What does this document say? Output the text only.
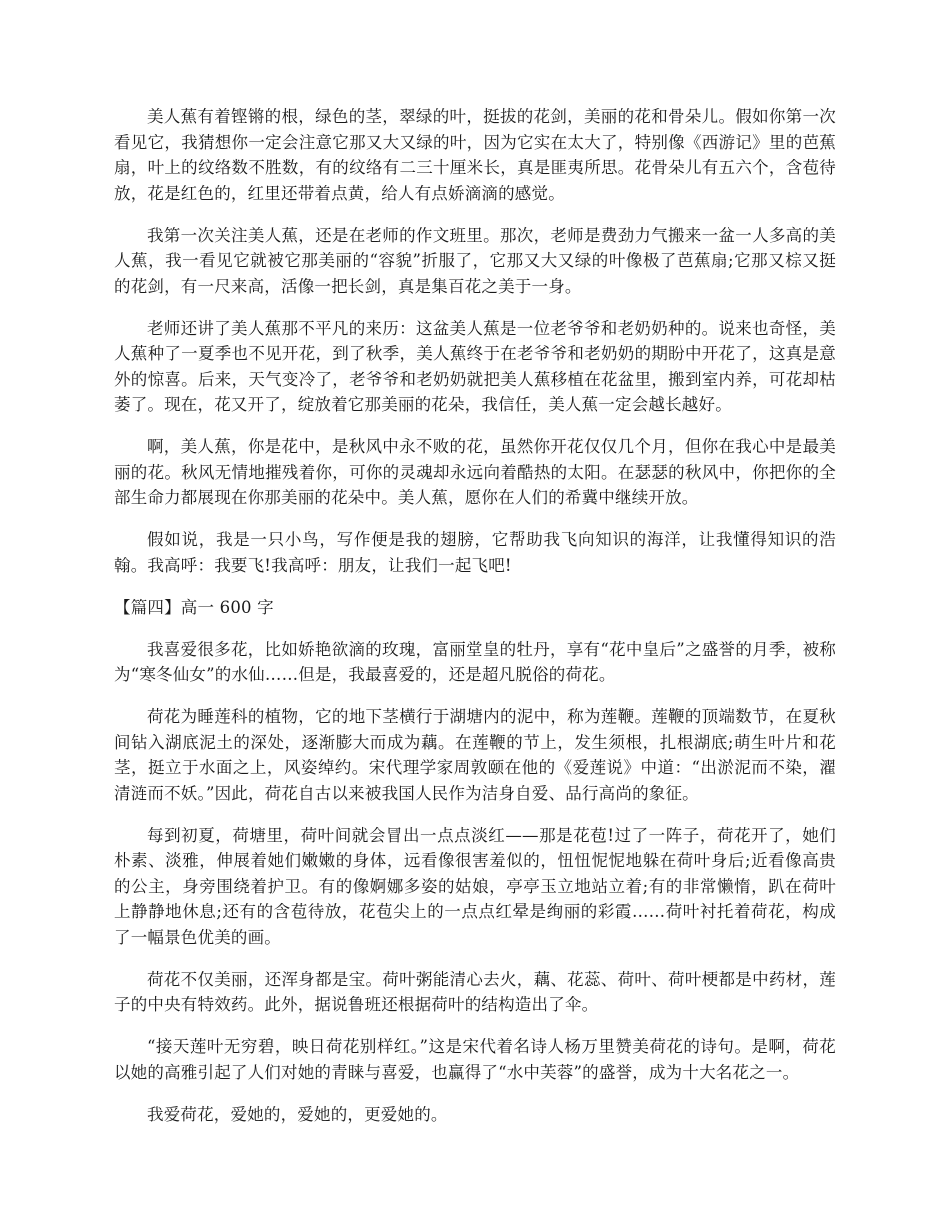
美人蕉有着铿锵的根，绿色的茎，翠绿的叶，挺拔的花剑，美丽的花和骨朵儿。假如你第一次看见它，我猜想你一定会注意它那又大又绿的叶，因为它实在太大了，特别像《西游记》里的芭蕉扇，叶上的纹络数不胜数，有的纹络有二三十厘米长，真是匪夷所思。花骨朵儿有五六个，含苞待放，花是红色的，红里还带着点黄，给人有点娇滴滴的感觉。

我第一次关注美人蕉，还是在老师的作文班里。那次，老师是费劲力气搬来一盆一人多高的美人蕉，我一看见它就被它那美丽的“容貌”折服了，它那又大又绿的叶像极了芭蕉扇;它那又棕又挺的花剑，有一尺来高，活像一把长剑，真是集百花之美于一身。

老师还讲了美人蕉那不平凡的来历：这盆美人蕉是一位老爷爷和老奶奶种的。说来也奇怪，美人蕉种了一夏季也不见开花，到了秋季，美人蕉终于在老爷爷和老奶奶的期盼中开花了，这真是意外的惊喜。后来，天气变冷了，老爷爷和老奶奶就把美人蕉移植在花盆里，搬到室内养，可花却枯萎了。现在，花又开了，绽放着它那美丽的花朵，我信任，美人蕉一定会越长越好。

啊，美人蕉，你是花中，是秋风中永不败的花，虽然你开花仅仅几个月，但你在我心中是最美丽的花。秋风无情地摧残着你，可你的灵魂却永远向着酷热的太阳。在瑟瑟的秋风中，你把你的全部生命力都展现在你那美丽的花朵中。美人蕉，愿你在人们的希冀中继续开放。

假如说，我是一只小鸟，写作便是我的翅膀，它帮助我飞向知识的海洋，让我懂得知识的浩翰。我高呼：我要飞!我高呼：朋友，让我们一起飞吧!

【篇四】高一 600 字

我喜爱很多花，比如娇艳欲滴的玫瑰，富丽堂皇的牡丹，享有“花中皇后”之盛誉的月季，被称为“寒冬仙女”的水仙……但是，我最喜爱的，还是超凡脱俗的荷花。

荷花为睡莲科的植物，它的地下茎横行于湖塘内的泥中，称为莲鞭。莲鞭的顶端数节，在夏秋间钻入湖底泥土的深处，逐渐膨大而成为藕。在莲鞭的节上，发生须根，扎根湖底;萌生叶片和花茎，挺立于水面之上，风姿绰约。宋代理学家周敦颐在他的《爱莲说》中道：“出淤泥而不染，濯清涟而不妖。”因此，荷花自古以来被我国人民作为洁身自爱、品行高尚的象征。

每到初夏，荷塘里，荷叶间就会冒出一点点淡红——那是花苞!过了一阵子，荷花开了，她们朴素、淡雅，伸展着她们嫩嫩的身体，远看像很害羞似的，忸忸怩怩地躲在荷叶身后;近看像高贵的公主，身旁围绕着护卫。有的像婀娜多姿的姑娘，亭亭玉立地站立着;有的非常懒惰，趴在荷叶上静静地休息;还有的含苞待放，花苞尖上的一点点红晕是绚丽的彩霞……荷叶衬托着荷花，构成了一幅景色优美的画。

荷花不仅美丽，还浑身都是宝。荷叶粥能清心去火，藕、花蕊、荷叶、荷叶梗都是中药材，莲子的中央有特效药。此外，据说鲁班还根据荷叶的结构造出了伞。

“接天莲叶无穷碧，映日荷花别样红。”这是宋代着名诗人杨万里赞美荷花的诗句。是啊，荷花以她的高雅引起了人们对她的青睐与喜爱，也赢得了“水中芙蓉”的盛誉，成为十大名花之一。

我爱荷花，爱她的，爱她的，更爱她的。
